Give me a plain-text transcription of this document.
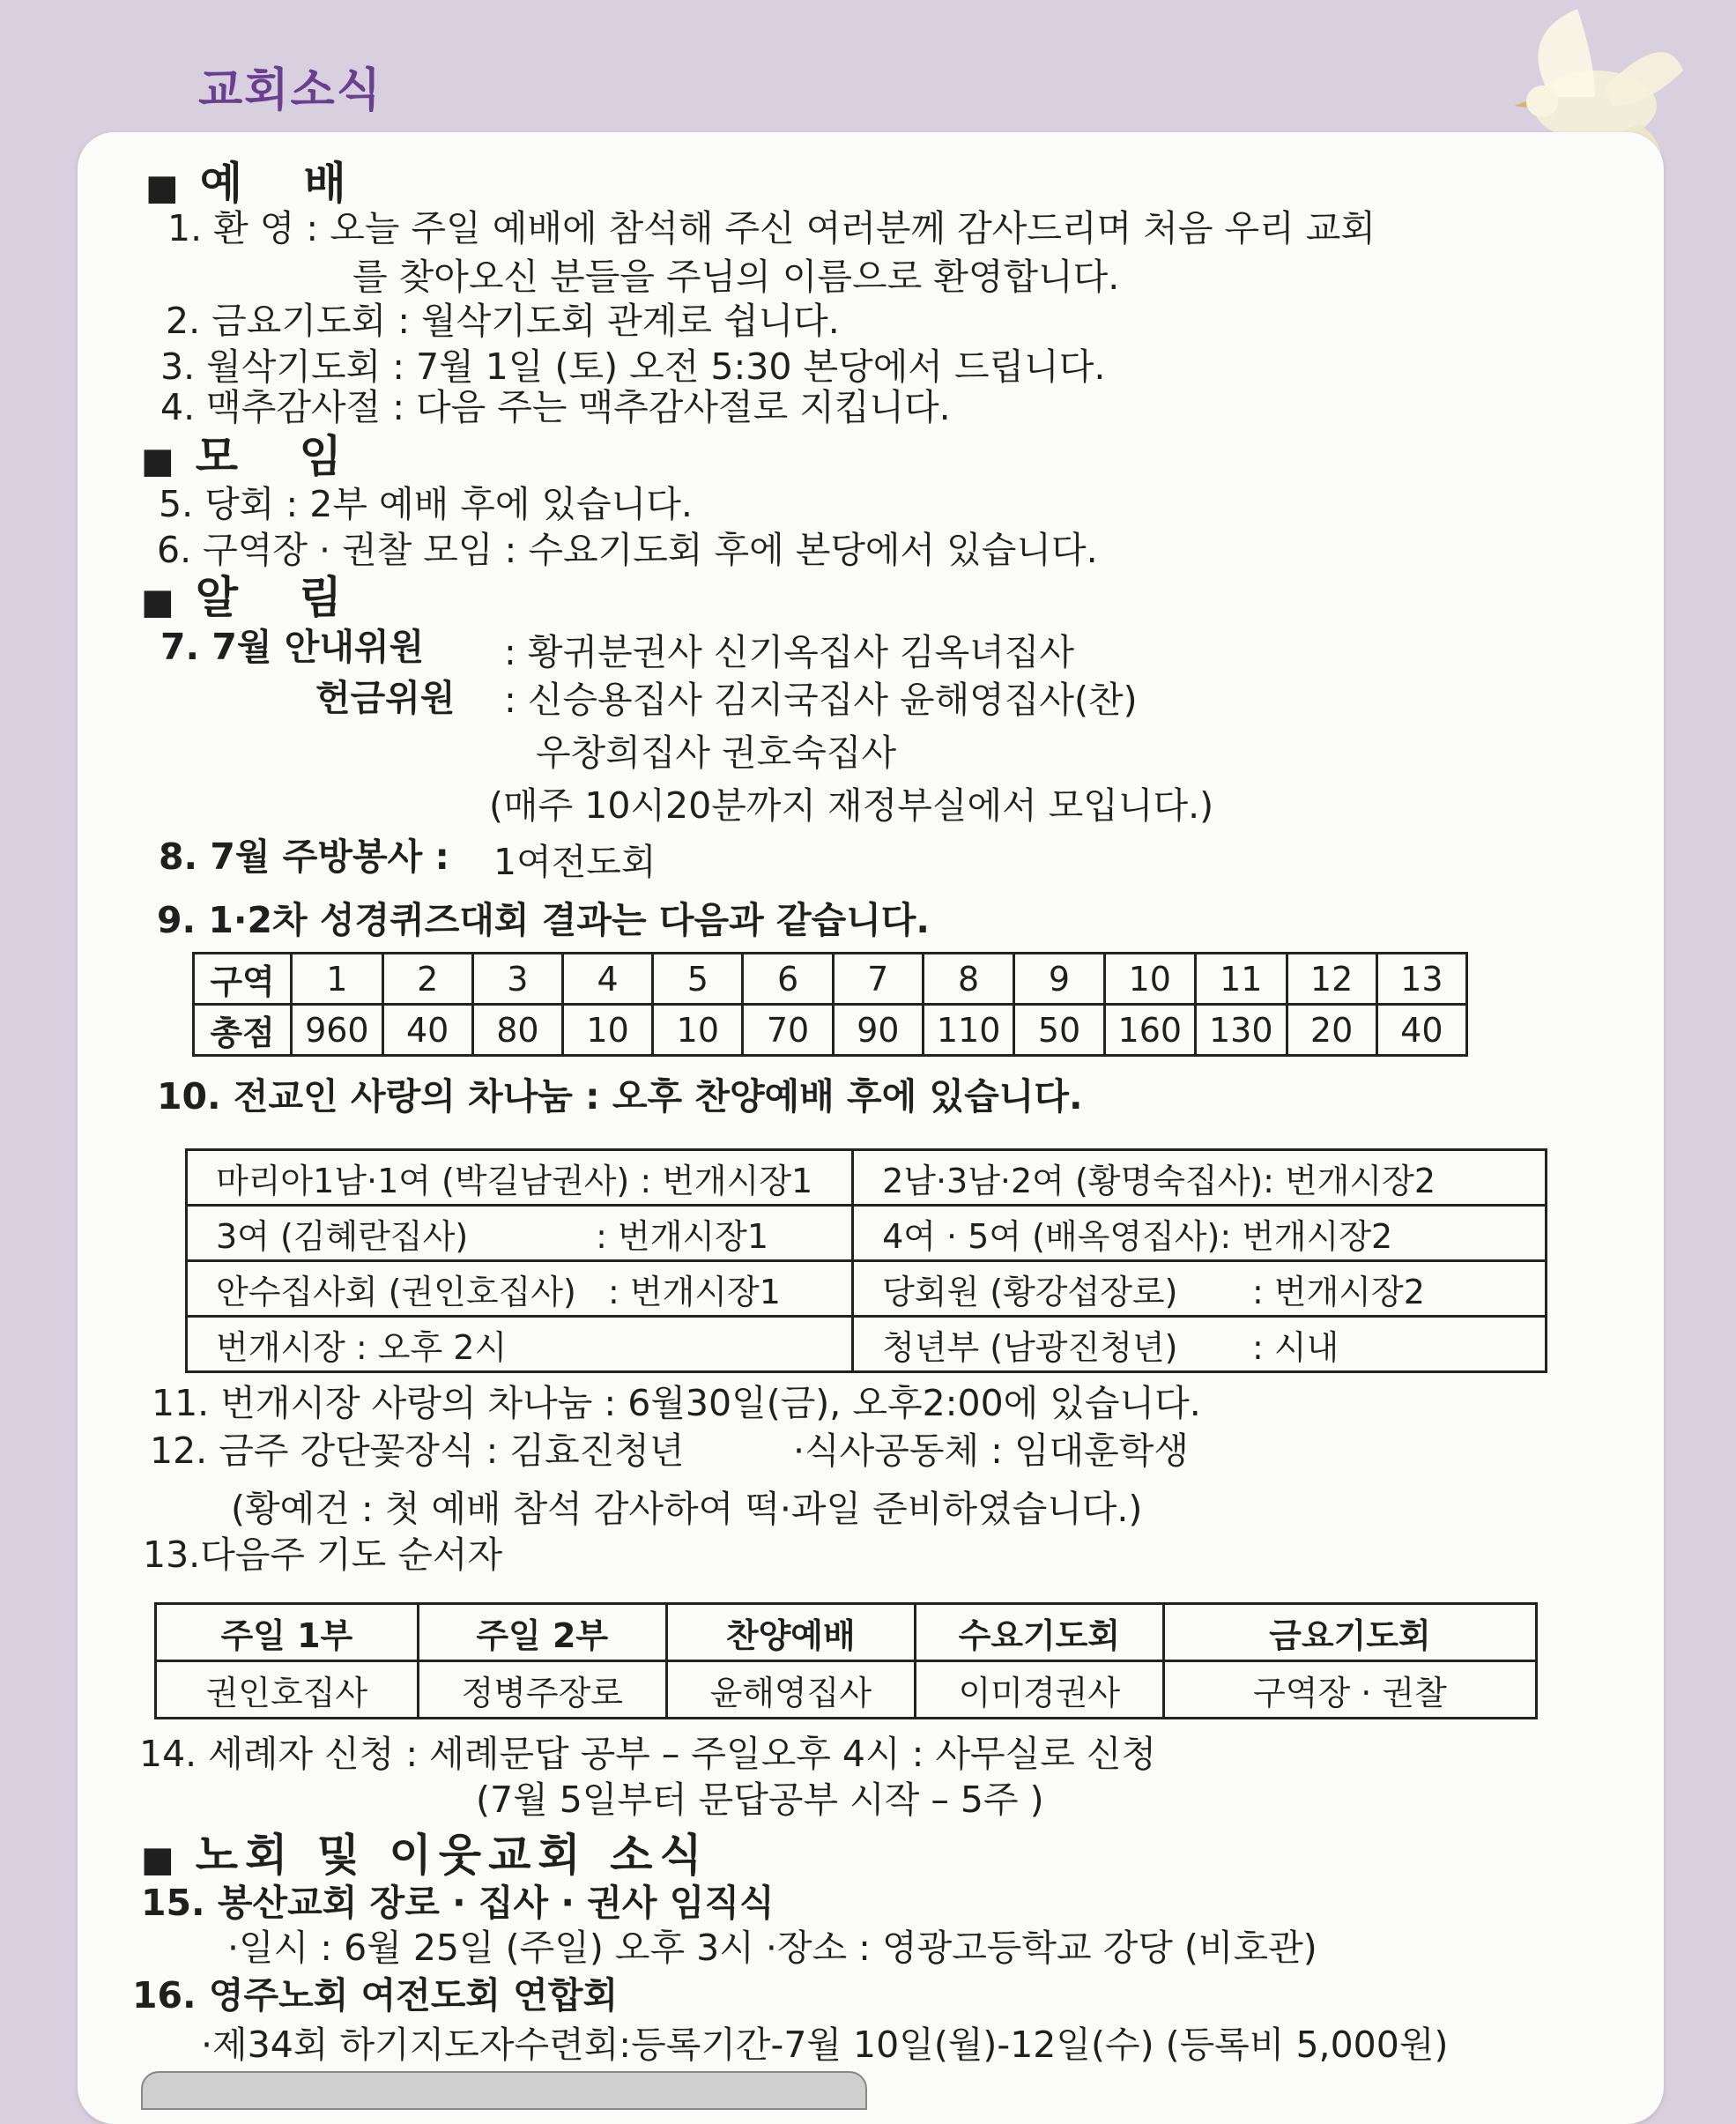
교회소식
■ 예 배
1. 환 영 : 오늘 주일 예배에 참석해 주신 여러분께 감사드리며 처음 우리 교회
를 찾아오신 분들을 주님의 이름으로 환영합니다.
2. 금요기도회 : 월삭기도회 관계로 쉽니다.
3. 월삭기도회 : 7월 1일 (토) 오전 5:30 본당에서 드립니다.
4. 맥추감사절 : 다음 주는 맥추감사절로 지킵니다.
■ 모 임
5. 당회 : 2부 예배 후에 있습니다.
6. 구역장 · 권찰 모임 : 수요기도회 후에 본당에서 있습니다.
■ 알 림
7. 7월 안내위원 : 황귀분권사 신기옥집사 김옥녀집사
헌금위원 : 신승용집사 김지국집사 윤해영집사(찬)
우창희집사 권호숙집사
(매주 10시20분까지 재정부실에서 모입니다.)
8. 7월 주방봉사 : 1여전도회
9. 1·2차 성경퀴즈대회 결과는 다음과 같습니다.
구역	1	2	3	4	5	6	7	8	9	10	11	12	13
총점	960	40	80	10	10	70	90	110	50	160	130	20	40
10. 전교인 사랑의 차나눔 : 오후 찬양예배 후에 있습니다.
마리아1남·1여 (박길남권사) : 번개시장1	2남·3남·2여 (황명숙집사): 번개시장2
3여 (김혜란집사)            : 번개시장1	4여 · 5여 (배옥영집사): 번개시장2
안수집사회 (권인호집사)   : 번개시장1	당회원 (황강섭장로)       : 번개시장2
번개시장 : 오후 2시	청년부 (남광진청년)       : 시내
11. 번개시장 사랑의 차나눔 : 6월30일(금), 오후2:00에 있습니다.
12. 금주 강단꽃장식 : 김효진청년	·식사공동체 : 임대훈학생
(황예건 : 첫 예배 참석 감사하여 떡·과일 준비하였습니다.)
13.다음주 기도 순서자
주일 1부	주일 2부	찬양예배	수요기도회	금요기도회
권인호집사	정병주장로	윤해영집사	이미경권사	구역장 · 권찰
14. 세례자 신청 : 세례문답 공부 – 주일오후 4시 : 사무실로 신청
(7월 5일부터 문답공부 시작 – 5주 )
■ 노회 및 이웃교회 소식
15. 봉산교회 장로 · 집사 · 권사 임직식
·일시 : 6월 25일 (주일) 오후 3시 ·장소 : 영광고등학교 강당 (비호관)
16. 영주노회 여전도회 연합회
·제34회 하기지도자수련회:등록기간-7월 10일(월)-12일(수) (등록비 5,000원)
